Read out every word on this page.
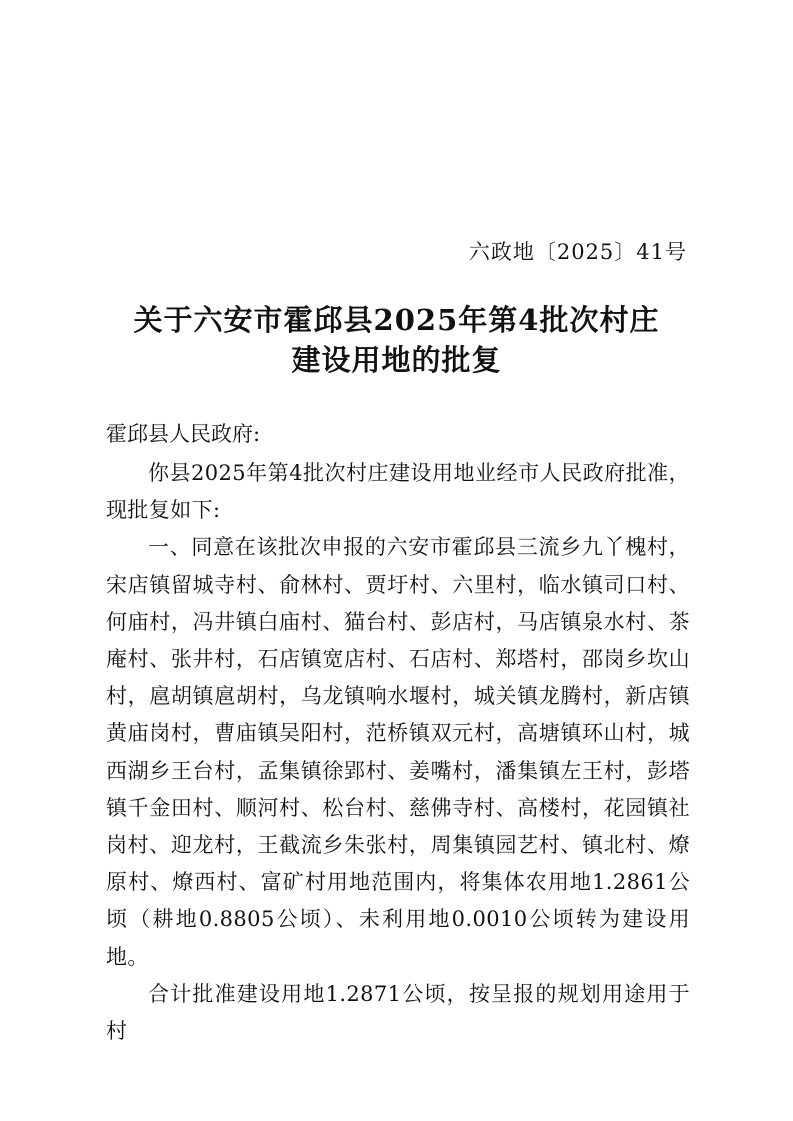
六政地〔2025〕41号
关于六安市霍邱县2025年第4批次村庄
建设用地的批复
霍邱县人民政府:

你县2025年第4批次村庄建设用地业经市人民政府批准，现批复如下:

一、同意在该批次申报的六安市霍邱县三流乡九丫槐村，宋店镇留城寺村、俞林村、贾圩村、六里村，临水镇司口村、何庙村，冯井镇白庙村、猫台村、彭店村，马店镇泉水村、茶庵村、张井村，石店镇宽店村、石店村、郑塔村，邵岗乡坎山村，扈胡镇扈胡村，乌龙镇响水堰村，城关镇龙腾村，新店镇黄庙岗村，曹庙镇吴阳村，范桥镇双元村，高塘镇环山村，城西湖乡王台村，孟集镇徐郢村、姜嘴村，潘集镇左王村，彭塔镇千金田村、顺河村、松台村、慈佛寺村、高楼村，花园镇社岗村、迎龙村，王截流乡朱张村，周集镇园艺村、镇北村、燎原村、燎西村、富矿村用地范围内，将集体农用地1.2861公顷（耕地0.8805公顷）、未利用地0.0010公顷转为建设用地。

合计批准建设用地1.2871公顷，按呈报的规划用途用于村
